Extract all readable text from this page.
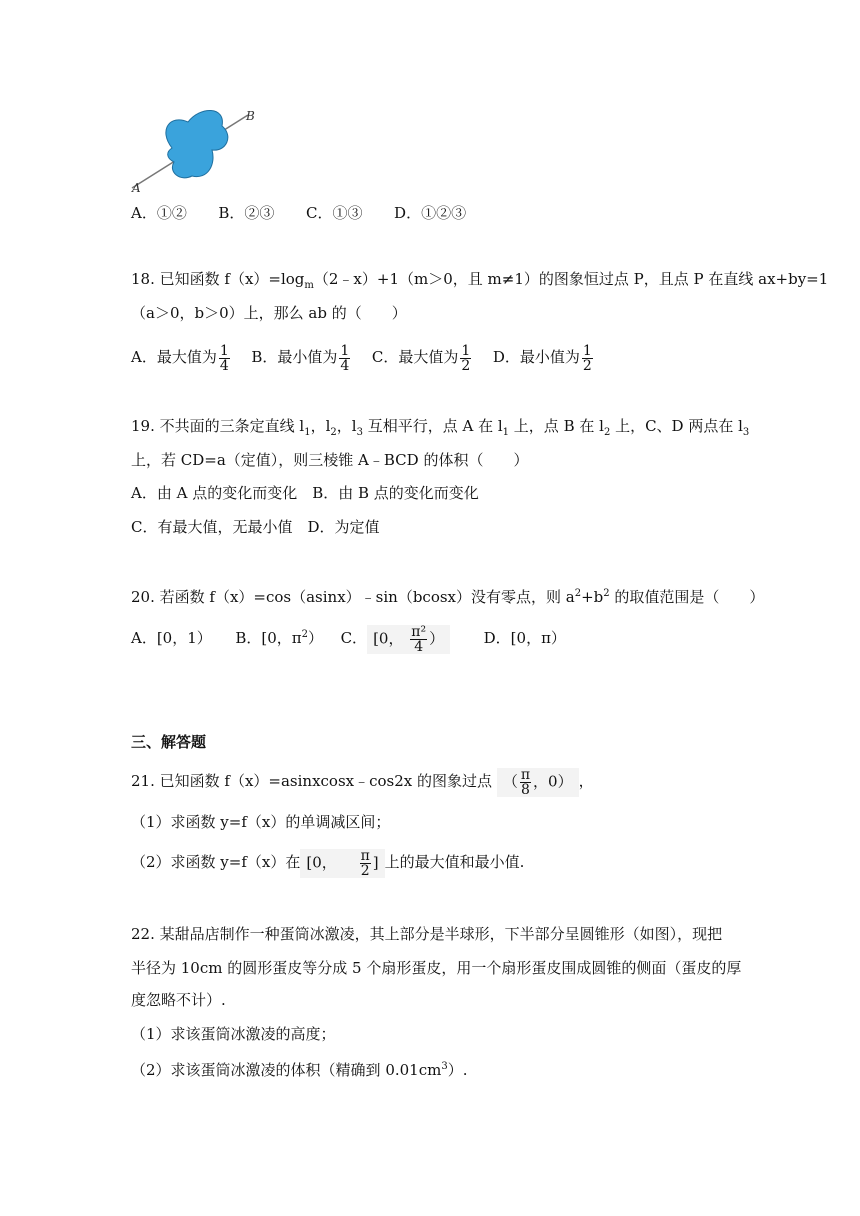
A
B
A．①② B．②③ C．①③ D．①②③
18. 已知函数 $f(x)=\log_m(2﹣x)+1(m>0$，且 m≠1）的图象恒过点 P，且点 P 在直线 ax+by=1
（a＞0，b＞0）上，那么 ab 的（　　）
A．最大值为 $\frac{1}{4}$ B．最小值为 $\frac{1}{4}$ C．最大值为 $\frac{1}{2}$ D．最小值为 $\frac{1}{2}$
19. 不共面的三条定直线 $l_1$，$l_2$，$l_3$ 互相平行，点 A 在 $l_1$ 上，点 B 在 $l_2$ 上，C、D 两点在 $l_3$
上，若 CD=a（定值），则三棱锥 A﹣BCD 的体积（　　）
A．由 A 点的变化而变化　B．由 B 点的变化而变化
C．有最大值，无最小值　D．为定值
20. 若函数 f（x）=cos（asinx）﹣sin（bcosx）没有零点，则 $a^2+b^2$ 的取值范围是（　　）
A．[0，1） B．[0，$\pi^2$） C． [0， $\frac{\text{π²}}{4}$ ）	D．[0，π）
三、解答题
21. 已知函数 f（x）=asinxcosx﹣cos2x 的图象过点 （ $\frac{\pi}{8}$ ，0） ，
（1）求函数 y=f（x）的单调减区间；
（2）求函数 y=f（x）在 [0， $\frac{\pi}{2}$ ] 上的最大值和最小值.
22. 某甜品店制作一种蛋筒冰激凌，其上部分是半球形，下半部分呈圆锥形（如图），现把
半径为 10cm 的圆形蛋皮等分成 5 个扇形蛋皮，用一个扇形蛋皮围成圆锥的侧面（蛋皮的厚
度忽略不计）.
（1）求该蛋筒冰激凌的高度；
（2）求该蛋筒冰激凌的体积（精确到 $0.01cm^3$）.
